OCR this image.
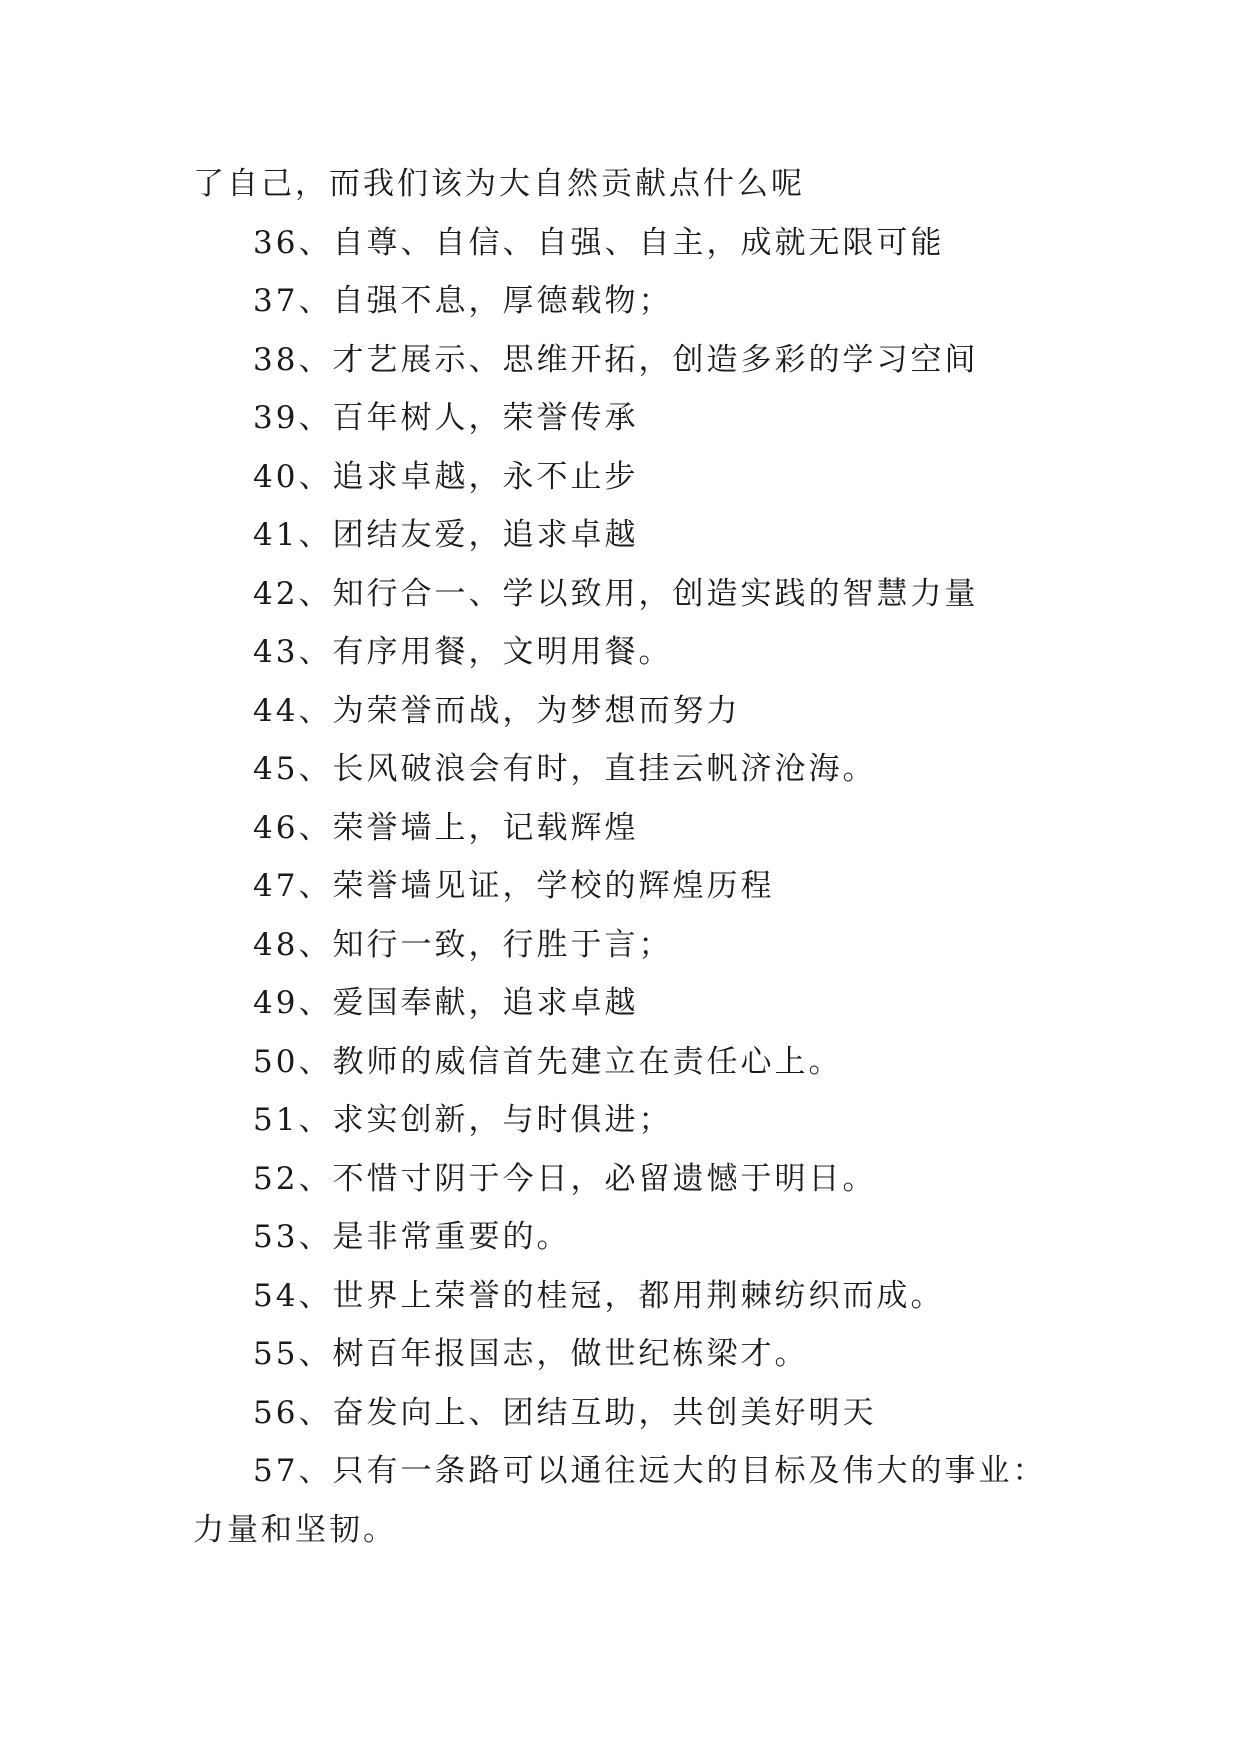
了自己，而我们该为大自然贡献点什么呢
36、自尊、自信、自强、自主，成就无限可能
37、自强不息，厚德载物；
38、才艺展示、思维开拓，创造多彩的学习空间
39、百年树人，荣誉传承
40、追求卓越，永不止步
41、团结友爱，追求卓越
42、知行合一、学以致用，创造实践的智慧力量
43、有序用餐，文明用餐。
44、为荣誉而战，为梦想而努力
45、长风破浪会有时，直挂云帆济沧海。
46、荣誉墙上，记载辉煌
47、荣誉墙见证，学校的辉煌历程
48、知行一致，行胜于言；
49、爱国奉献，追求卓越
50、教师的威信首先建立在责任心上。
51、求实创新，与时俱进；
52、不惜寸阴于今日，必留遗憾于明日。
53、是非常重要的。
54、世界上荣誉的桂冠，都用荆棘纺织而成。
55、树百年报国志，做世纪栋梁才。
56、奋发向上、团结互助，共创美好明天
57、只有一条路可以通往远大的目标及伟大的事业：力量和坚韧。
